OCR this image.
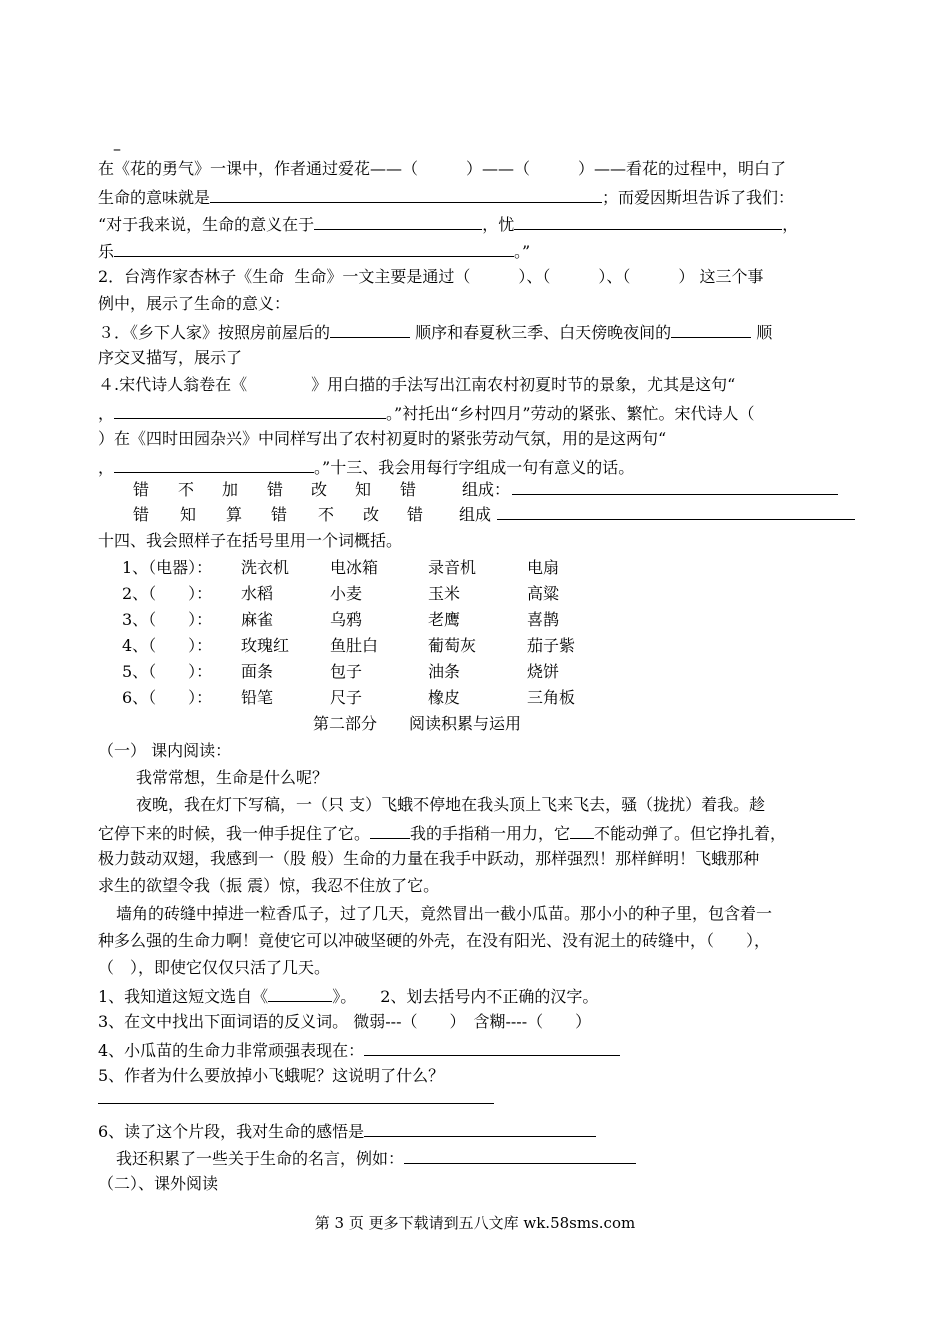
–
在《花的勇气》一课中，作者通过爱花——（　　　）——（　　　）——看花的过程中，明白了
生命的意味就是	；而爱因斯坦告诉了我们：
“对于我来说，生命的意义在于	，忧	，
乐	。”
2．台湾作家杏林子《生命  生命》一文主要是通过（　　　）、（　　　）、（　　　） 这三个事
例中，展示了生命的意义：
３．《乡下人家》按照房前屋后的	顺序和春夏秋三季、白天傍晚夜间的	顺
序交叉描写，展示了
４.宋代诗人翁卷在《　　　　》用白描的手法写出江南农村初夏时节的景象，尤其是这句“
，	。”衬托出“乡村四月”劳动的紧张、繁忙。宋代诗人（
）在《四时田园杂兴》中同样写出了农村初夏时的紧张劳动气氛，用的是这两句“
，	。”十三、我会用每行字组成一句有意义的话。
错 不 加 错 改 知 错	组成：
错 知 算 错 不 改 错 组成
十四、我会照样子在括号里用一个词概括。
1、（电器）： 洗衣机	电冰箱	录音机	电扇
2、（　　）： 水稻	小麦	玉米	高粱
3、（　　）： 麻雀	乌鸦	老鹰	喜鹊
4、（　　）： 玫瑰红	鱼肚白	葡萄灰	茄子紫
5、（　　）： 面条	包子	油条	烧饼
6、（　　）： 铅笔	尺子	橡皮	三角板
第二部分　　阅读积累与运用
（一） 课内阅读：
我常常想，生命是什么呢？
夜晚，我在灯下写稿，一（只 支）飞蛾不停地在我头顶上飞来飞去，骚（拢扰）着我。趁
它停下来的时候，我一伸手捉住了它。	我的手指稍一用力，它 不能动弹了。但它挣扎着，
极力鼓动双翅，我感到一（股 般）生命的力量在我手中跃动，那样强烈！那样鲜明！飞蛾那种
求生的欲望令我（振 震）惊，我忍不住放了它。
墙角的砖缝中掉进一粒香瓜子，过了几天，竟然冒出一截小瓜苗。那小小的种子里，包含着一
种多么强的生命力啊！竟使它可以冲破坚硬的外壳，在没有阳光、没有泥土的砖缝中，（　　），
（　），即使它仅仅只活了几天。
1、我知道这短文选自《	》。　　2、划去括号内不正确的汉字。
3、在文中找出下面词语的反义词。 微弱---（　　）　含糊----（　　）
4、小瓜苗的生命力非常顽强表现在：
5、作者为什么要放掉小飞蛾呢？这说明了什么？
6、读了这个片段，我对生命的感悟是
我还积累了一些关于生命的名言，例如：
（二）、课外阅读
第 3 页 更多下载请到五八文库 wk.58sms.com
